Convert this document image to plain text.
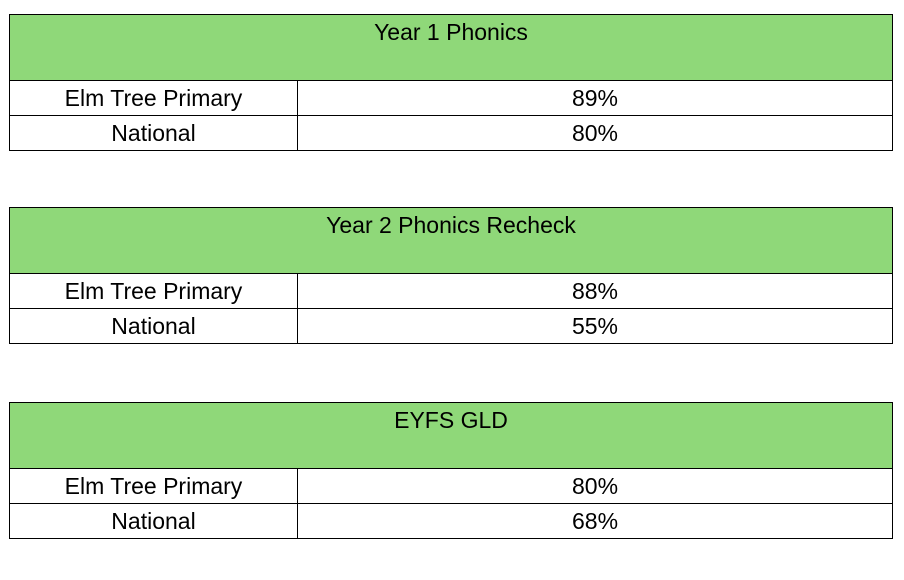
Year 1 Phonics	
Elm Tree Primary	89%
National	80%
Year 2 Phonics Recheck	
Elm Tree Primary	88%
National	55%
EYFS GLD	
Elm Tree Primary	80%
National	68%
